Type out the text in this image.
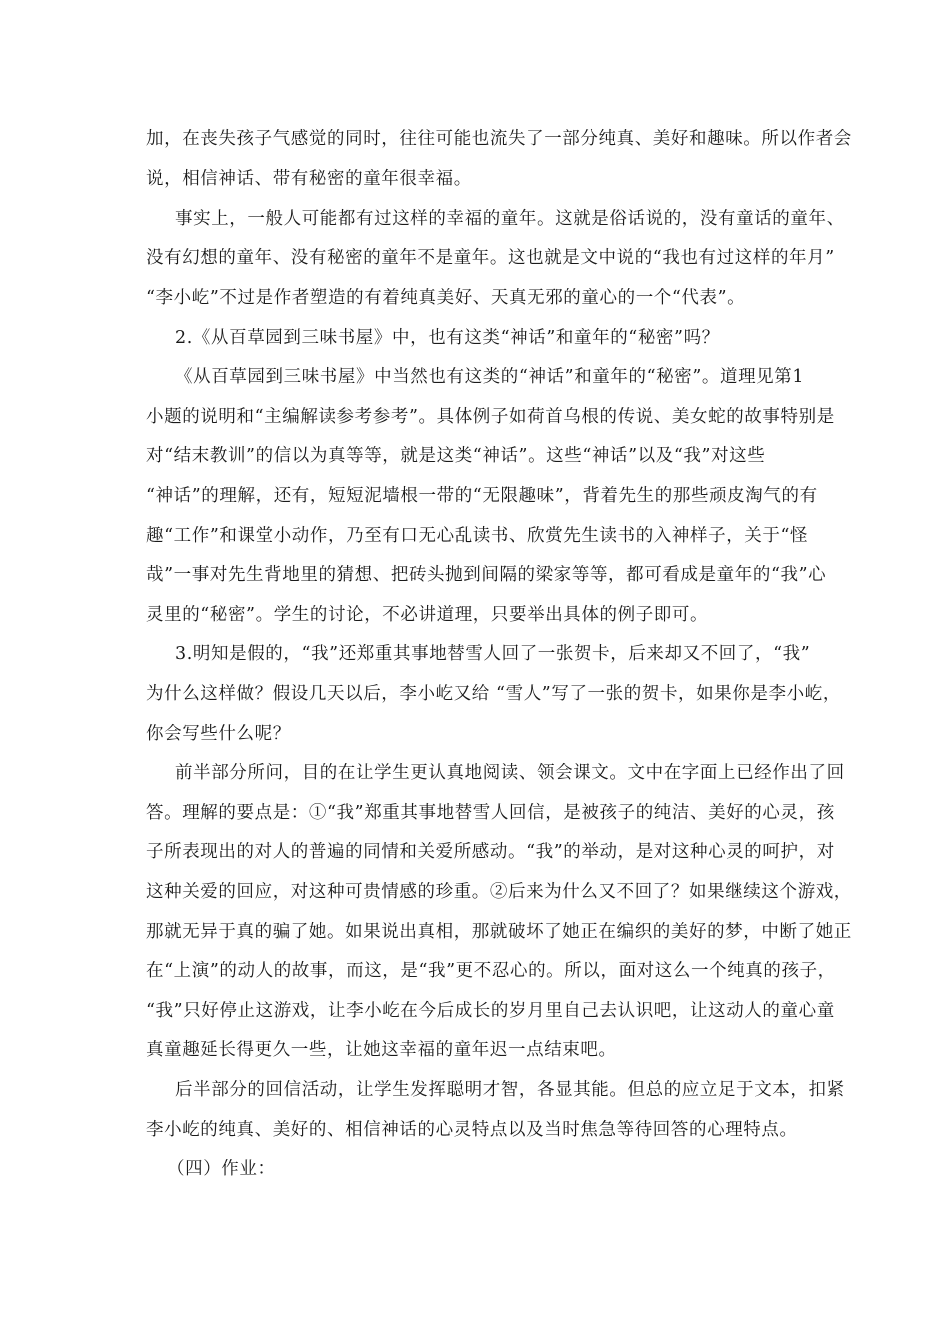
加，在丧失孩子气感觉的同时，往往可能也流失了一部分纯真、美好和趣味。所以作者会
说，相信神话、带有秘密的童年很幸福。
事实上，一般人可能都有过这样的幸福的童年。这就是俗话说的，没有童话的童年、
没有幻想的童年、没有秘密的童年不是童年。这也就是文中说的“我也有过这样的年月”
“李小屹”不过是作者塑造的有着纯真美好、天真无邪的童心的一个“代表”。
2.《从百草园到三味书屋》中，也有这类“神话”和童年的“秘密”吗？
《从百草园到三味书屋》中当然也有这类的“神话”和童年的“秘密”。道理见第1
小题的说明和“主编解读参考参考”。具体例子如荷首乌根的传说、美女蛇的故事特别是
对“结末教训”的信以为真等等，就是这类“神话”。这些“神话”以及“我”对这些
“神话”的理解，还有，短短泥墙根一带的“无限趣味”，背着先生的那些顽皮淘气的有
趣“工作”和课堂小动作，乃至有口无心乱读书、欣赏先生读书的入神样子，关于“怪
哉”一事对先生背地里的猜想、把砖头抛到间隔的梁家等等，都可看成是童年的“我”心
灵里的“秘密”。学生的讨论，不必讲道理，只要举出具体的例子即可。
3.明知是假的，“我”还郑重其事地替雪人回了一张贺卡，后来却又不回了，“我”
为什么这样做？假设几天以后，李小屹又给 “雪人”写了一张的贺卡，如果你是李小屹，
你会写些什么呢？
前半部分所问，目的在让学生更认真地阅读、领会课文。文中在字面上已经作出了回
答。理解的要点是：①“我”郑重其事地替雪人回信，是被孩子的纯洁、美好的心灵，孩
子所表现出的对人的普遍的同情和关爱所感动。“我”的举动，是对这种心灵的呵护，对
这种关爱的回应，对这种可贵情感的珍重。②后来为什么又不回了？如果继续这个游戏，
那就无异于真的骗了她。如果说出真相，那就破坏了她正在编织的美好的梦，中断了她正
在“上演”的动人的故事，而这，是“我”更不忍心的。所以，面对这么一个纯真的孩子，
“我”只好停止这游戏，让李小屹在今后成长的岁月里自己去认识吧，让这动人的童心童
真童趣延长得更久一些，让她这幸福的童年迟一点结束吧。
后半部分的回信活动，让学生发挥聪明才智，各显其能。但总的应立足于文本，扣紧
李小屹的纯真、美好的、相信神话的心灵特点以及当时焦急等待回答的心理特点。
（四）作业：
